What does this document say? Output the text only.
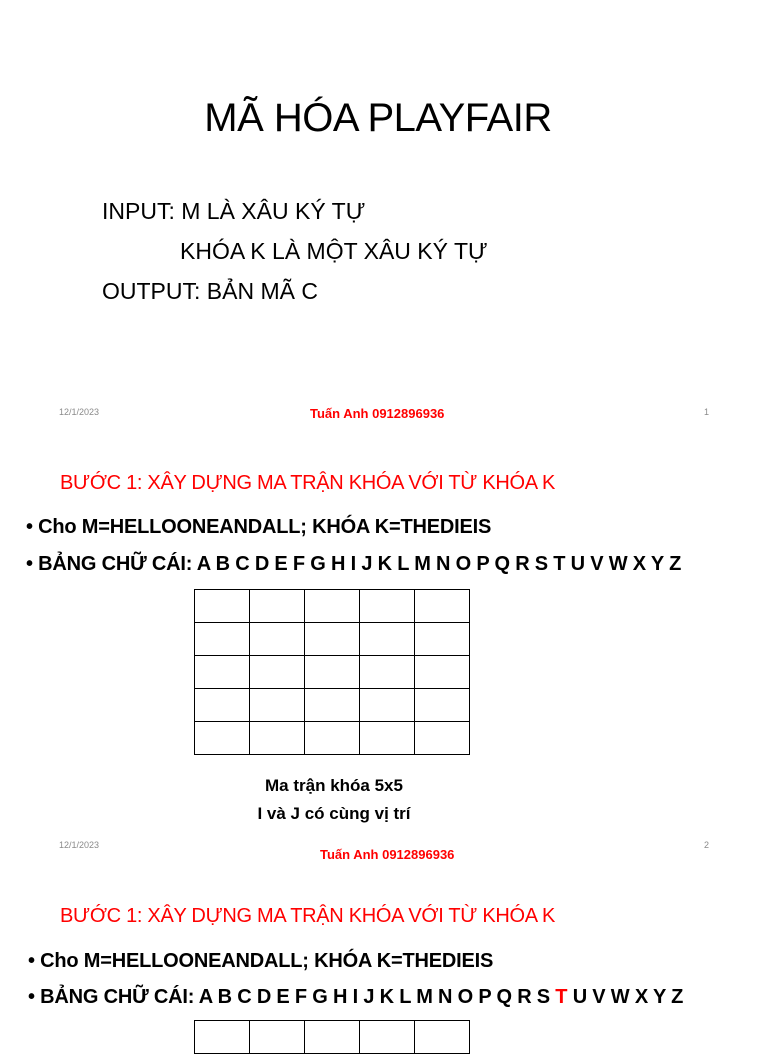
MÃ HÓA PLAYFAIR
INPUT: M LÀ XÂU KÝ TỰ
KHÓA K LÀ MỘT XÂU KÝ TỰ
OUTPUT: BẢN MÃ C
12/1/2023	Tuấn Anh 0912896936	1
BƯỚC 1: XÂY DỰNG MA TRẬN KHÓA VỚI TỪ KHÓA K
• Cho M=HELLOONEANDALL; KHÓA K=THEDIEIS
• BẢNG CHỮ CÁI: A B C D E F G H I J K L M N O P Q R S T U V W X Y Z

Ma trận khóa 5x5
I và J có cùng vị trí
12/1/2023
Tuấn Anh 0912896936
2
BƯỚC 1: XÂY DỰNG MA TRẬN KHÓA VỚI TỪ KHÓA K
• Cho M=HELLOONEANDALL; KHÓA K=THEDIEIS
• BẢNG CHỮ CÁI: A B C D E F G H I J K L M N O P Q R S T U V W X Y Z
